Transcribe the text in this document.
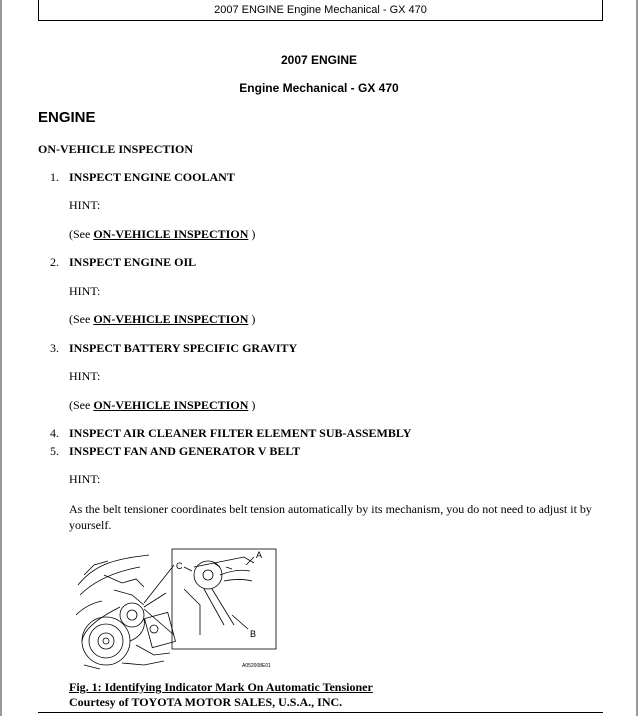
2007 ENGINE Engine Mechanical - GX 470
2007 ENGINE
Engine Mechanical - GX 470
ENGINE
ON-VEHICLE INSPECTION
1. INSPECT ENGINE COOLANT
HINT:
(See ON-VEHICLE INSPECTION )
2. INSPECT ENGINE OIL
HINT:
(See ON-VEHICLE INSPECTION )
3. INSPECT BATTERY SPECIFIC GRAVITY
HINT:
(See ON-VEHICLE INSPECTION )
4. INSPECT AIR CLEANER FILTER ELEMENT SUB-ASSEMBLY
5. INSPECT FAN AND GENERATOR V BELT
HINT:
As the belt tensioner coordinates belt tension automatically by its mechanism, you do not need to adjust it by yourself.
A
B
C
A052008E01
Fig. 1: Identifying Indicator Mark On Automatic Tensioner
Courtesy of TOYOTA MOTOR SALES, U.S.A., INC.
